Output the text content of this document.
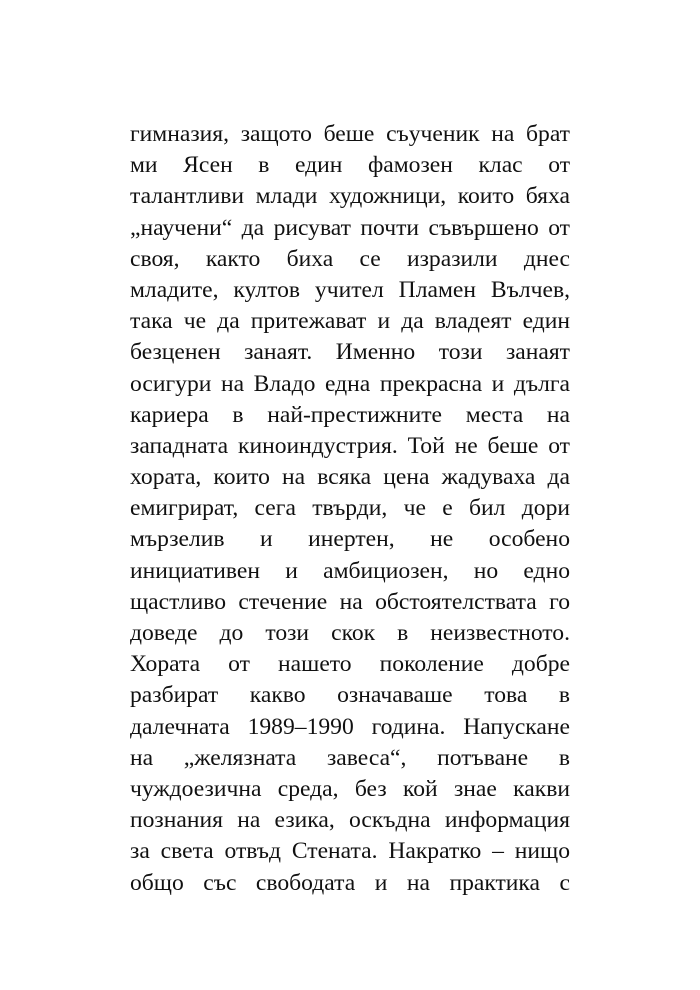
гимназия, защото беше съученик на брат
ми Ясен в един фамозен клас от
талантливи млади художници, които бяха
„научени“ да рисуват почти съвършено от
своя, както биха се изразили днес
младите, култов учител Пламен Вълчев,
така че да притежават и да владеят един
безценен занаят. Именно този занаят
осигури на Владо една прекрасна и дълга
кариера в най-престижните места на
западната киноиндустрия. Той не беше от
хората, които на всяка цена жадуваха да
емигрират, сега твърди, че е бил дори
мързелив и инертен, не особено
инициативен и амбициозен, но едно
щастливо стечение на обстоятелствата го
доведе до този скок в неизвестното.
Хората от нашето поколение добре
разбират какво означаваше това в
далечната 1989–1990 година. Напускане
на „желязната завеса“, потъване в
чуждоезична среда, без кой знае какви
познания на езика, оскъдна информация
за света отвъд Стената. Накратко – нищо
общо със свободата и на практика с
